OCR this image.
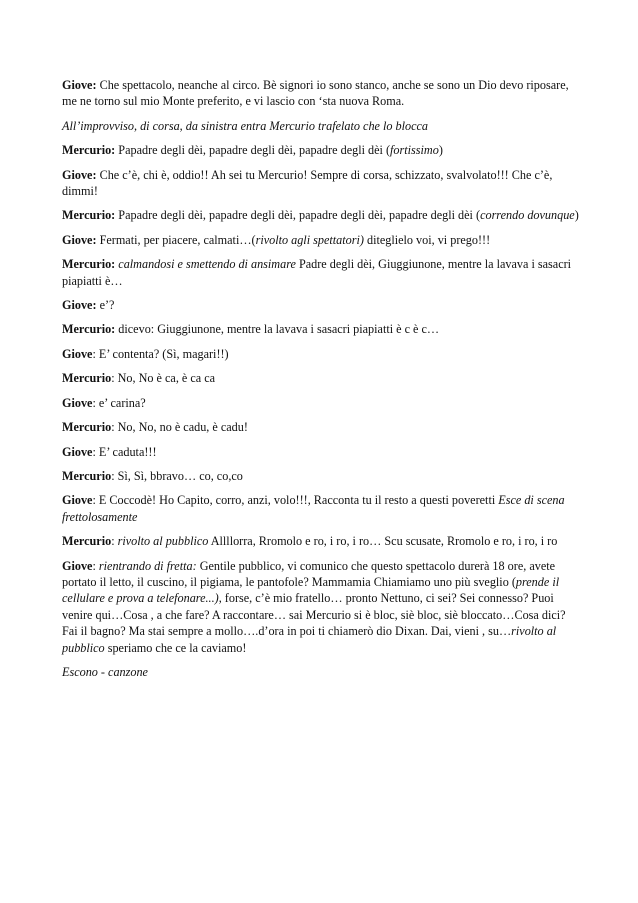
Giove: Che spettacolo, neanche al circo. Bè signori io sono stanco, anche se sono un Dio devo riposare, me ne torno sul mio Monte preferito, e vi lascio con ‘sta nuova Roma.

All’improvviso, di corsa, da sinistra entra Mercurio trafelato che lo blocca

Mercurio: Papadre degli dèi, papadre degli dèi, papadre degli dèi (fortissimo)

Giove: Che c’è, chi è, oddio!! Ah sei tu Mercurio! Sempre di corsa, schizzato, svalvolato!!! Che c’è, dimmi!

Mercurio: Papadre degli dèi, papadre degli dèi, papadre degli dèi, papadre degli dèi (correndo dovunque)

Giove: Fermati, per piacere, calmati…(rivolto agli spettatori) diteglielo voi, vi prego!!!

Mercurio: calmandosi e smettendo di ansimare Padre degli dèi, Giuggiunone, mentre la lavava i sasacri piapiatti è…

Giove: e’?

Mercurio: dicevo: Giuggiunone, mentre la lavava i sasacri piapiatti è c è c…

Giove: E’ contenta? (Sì, magari!!)

Mercurio: No, No è ca, è ca ca

Giove: e’ carina?

Mercurio: No, No, no è cadu, è cadu!

Giove: E’ caduta!!!

Mercurio: Sì, Sì, bbravo… co, co,co

Giove: E Coccodè! Ho Capito, corro, anzi, volo!!!, Racconta tu il resto a questi poveretti Esce di scena frettolosamente

Mercurio: rivolto al pubblico Allllorra, Rromolo e ro, i ro, i ro… Scu scusate, Rromolo e ro, i ro, i ro

Giove: rientrando di fretta: Gentile pubblico, vi comunico che questo spettacolo durerà 18 ore, avete portato il letto, il cuscino, il pigiama, le pantofole? Mammamia Chiamiamo uno più sveglio (prende il cellulare e prova a telefonare...), forse, c’è mio fratello… pronto Nettuno, ci sei? Sei connesso? Puoi venire qui…Cosa , a che fare? A raccontare… sai Mercurio si è bloc, siè bloc, siè bloccato…Cosa dici? Fai il bagno? Ma stai sempre a mollo….d’ora in poi ti chiamerò dio Dixan. Dai, vieni , su…rivolto al pubblico speriamo che ce la caviamo!

Escono - canzone
